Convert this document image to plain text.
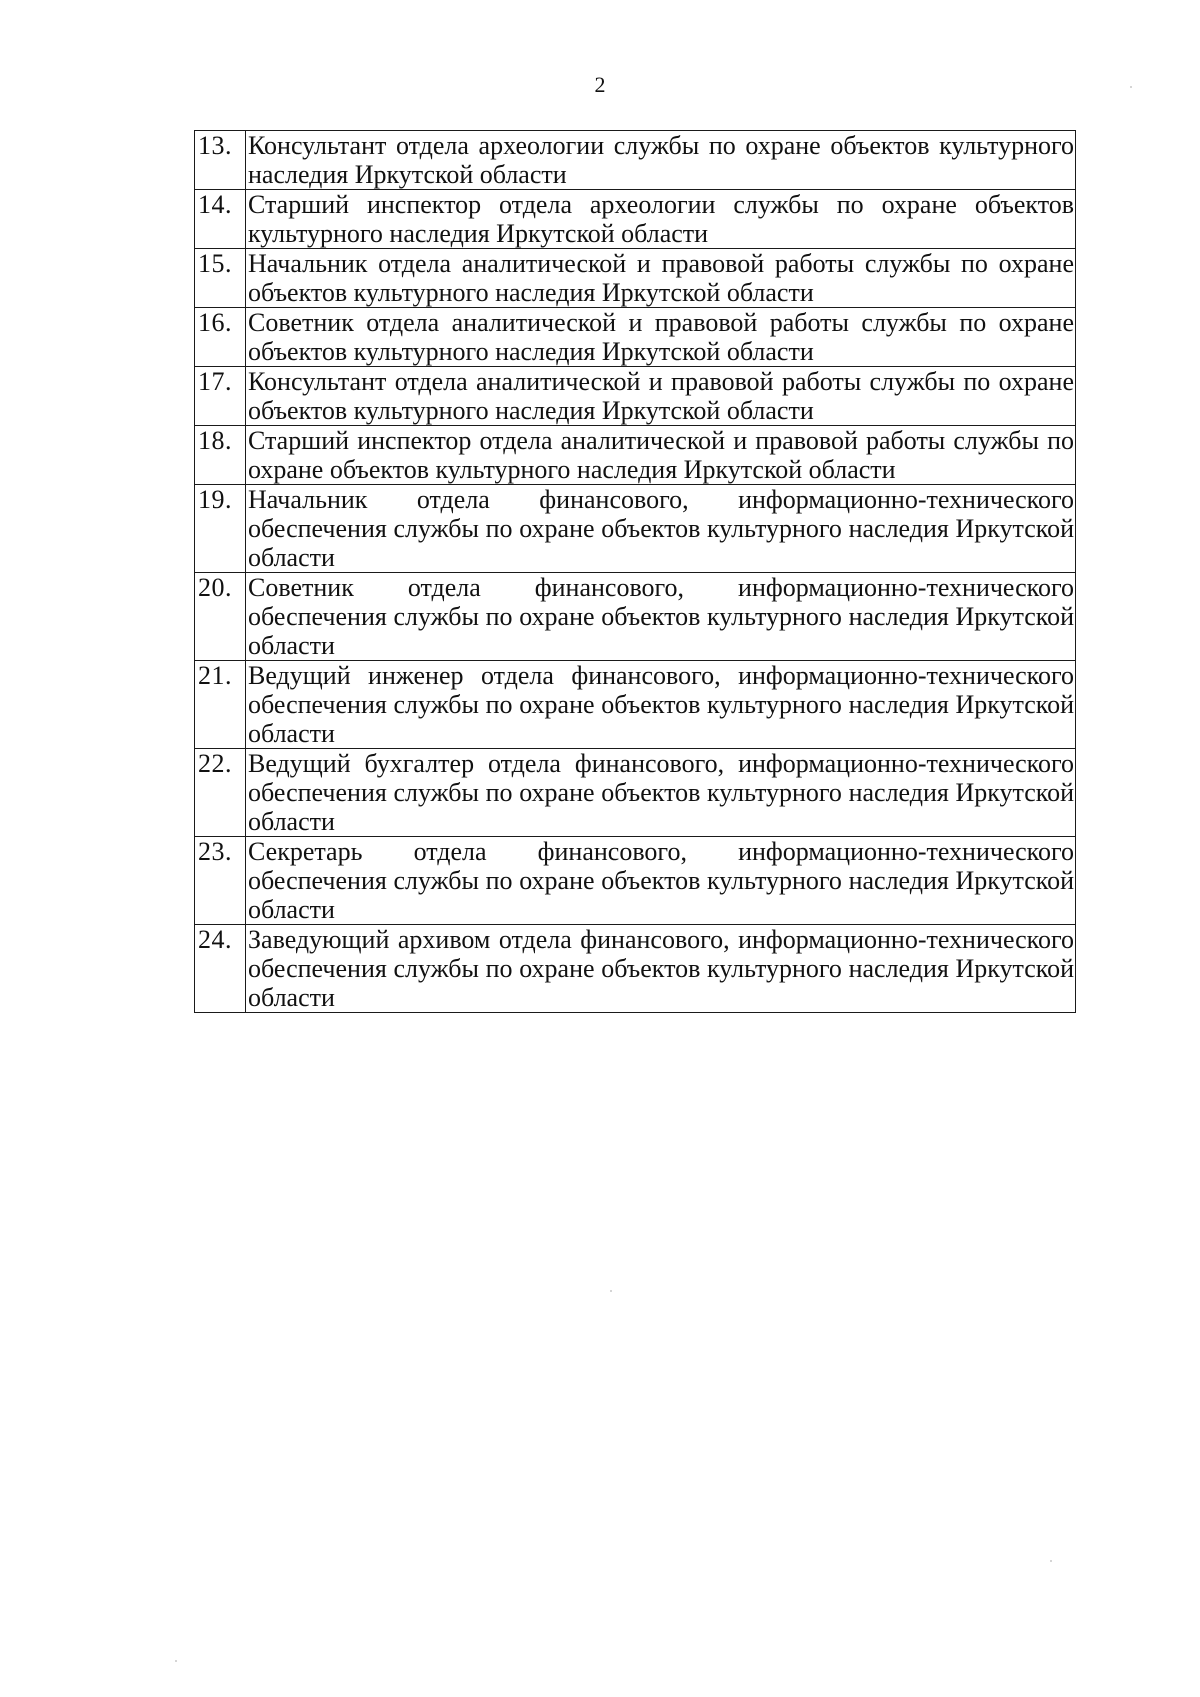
2
13.	Консультант отдела археологии службы по охране объектов культурного наследия Иркутской области
14.	Старший инспектор отдела археологии службы по охране объектов культурного наследия Иркутской области
15.	Начальник отдела аналитической и правовой работы службы по охране объектов культурного наследия Иркутской области
16.	Советник отдела аналитической и правовой работы службы по охране объектов культурного наследия Иркутской области
17.	Консультант отдела аналитической и правовой работы службы по охране объектов культурного наследия Иркутской области
18.	Старший инспектор отдела аналитической и правовой работы службы по охране объектов культурного наследия Иркутской области
19.	Начальник отдела финансового, информационно-технического обеспечения службы по охране объектов культурного наследия Иркутской области
20.	Советник отдела финансового, информационно-технического обеспечения службы по охране объектов культурного наследия Иркутской области
21.	Ведущий инженер отдела финансового, информационно-технического обеспечения службы по охране объектов культурного наследия Иркутской области
22.	Ведущий бухгалтер отдела финансового, информационно-технического обеспечения службы по охране объектов культурного наследия Иркутской области
23.	Секретарь отдела финансового, информационно-технического обеспечения службы по охране объектов культурного наследия Иркутской области
24.	Заведующий архивом отдела финансового, информационно-технического обеспечения службы по охране объектов культурного наследия Иркутской области
